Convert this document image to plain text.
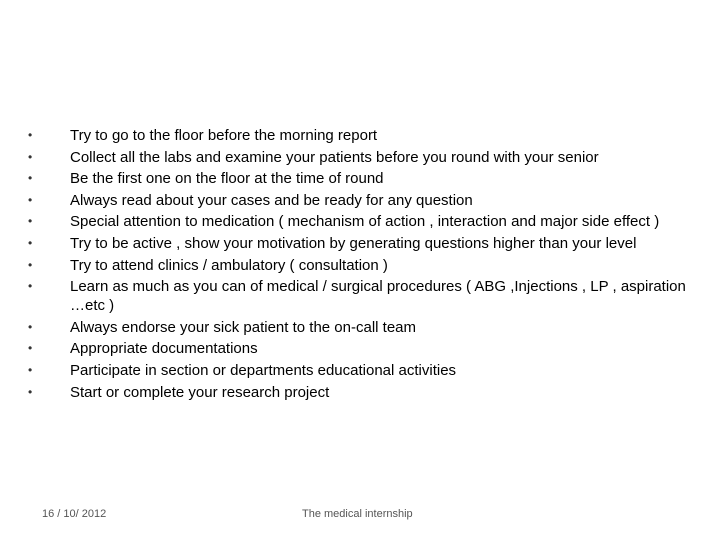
•	Try to go to the floor before the morning report
•	Collect all the labs and examine your patients before you round with your senior
•	Be the first one on the floor at the time of round
•	Always read about your cases and be ready for any question
•	Special attention to medication ( mechanism of action , interaction and major side effect )
•	Try to be active , show your motivation by generating questions higher than your level
•	Try to attend clinics / ambulatory ( consultation )
•	Learn as much as you can of medical / surgical procedures ( ABG ,Injections , LP , aspiration …etc )
•	Always endorse your sick patient to the on-call team
•	Appropriate documentations
•	Participate in section or departments educational activities
•	Start or complete your research project
16 / 10/ 2012	The medical internship
